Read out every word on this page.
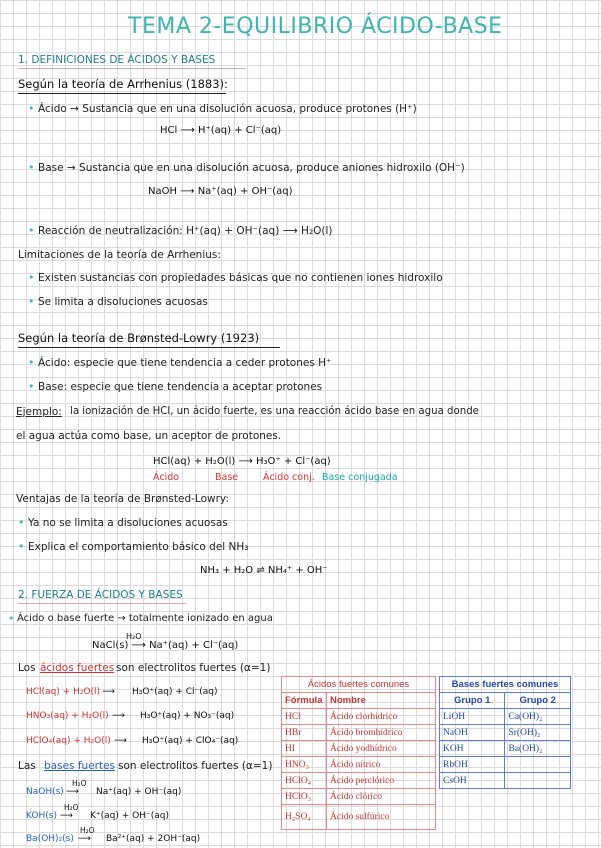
TEMA 2-EQUILIBRIO ÁCIDO-BASE
1. DEFINICIONES DE ÁCIDOS Y BASES
Según la teoría de Arrhenius (1883):
• Ácido → Sustancia que en una disolución acuosa, produce protones (H⁺)
HCl ⟶ H⁺(aq) + Cl⁻(aq)
• Base → Sustancia que en una disolución acuosa, produce aniones hidroxilo (OH⁻)
NaOH ⟶ Na⁺(aq) + OH⁻(aq)
• Reacción de neutralización: H⁺(aq) + OH⁻(aq) ⟶ H₂O(l)
Limitaciones de la teoría de Arrhenius:
• Existen sustancias con propiedades básicas que no contienen iones hidroxilo
• Se limita a disoluciones acuosas
Según la teoría de Brønsted-Lowry (1923)
• Ácido: especie que tiene tendencia a ceder protones H⁺
• Base: especie que tiene tendencia a aceptar protones
Ejemplo: la ionización de HCl, un ácido fuerte, es una reacción ácido base en agua donde
el agua actúa como base, un aceptor de protones.
HCl(aq) + H₂O(l) ⟶ H₃O⁺ + Cl⁻(aq)
Ácido	Base	Ácido conj. Base conjugada
Ventajas de la teoría de Brønsted-Lowry:
• Ya no se limita a disoluciones acuosas
• Explica el comportamiento básico del NH₃
NH₃ + H₂O ⇌ NH₄⁺ + OH⁻
2. FUERZA DE ÁCIDOS Y BASES
• Ácido o base fuerte → totalmente ionizado en agua
H₂O
NaCl(s) ⟶ Na⁺(aq) + Cl⁻(aq)
Los ácidos fuertes son electrolitos fuertes (α=1)
HCl(aq) + H₂O(l) ⟶ H₃O⁺(aq) + Cl⁻(aq)
HNO₃(aq) + H₂O(l) ⟶ H₃O⁺(aq) + NO₃⁻(aq)
HClO₄(aq) + H₂O(l) ⟶ H₃O⁺(aq) + ClO₄⁻(aq)
Las bases fuertes son electrolitos fuertes (α=1)
H₂O
NaOH(s) ⟶ Na⁺(aq) + OH⁻(aq)
H₂O
KOH(s) ⟶ K⁺(aq) + OH⁻(aq)
H₂O
Ba(OH)₂(s) ⟶ Ba²⁺(aq) + 2OH⁻(aq)
Ácidos fuertes comunes	
Fórmula	Nombre
HCl	Ácido clorhídrico
HBr	Ácido bromhídrico
HI	Ácido yodhídrico
HNO₃	Ácido nítrico
HClO₄	Ácido perclórico
HClO₃	Ácido clórico
H₂SO₄	Ácido sulfúrico
Bases fuertes comunes	
Grupo 1	Grupo 2
LiOH	Ca(OH)₂
NaOH	Sr(OH)₂
KOH	Ba(OH)₂
RbOH	
CsOH	
